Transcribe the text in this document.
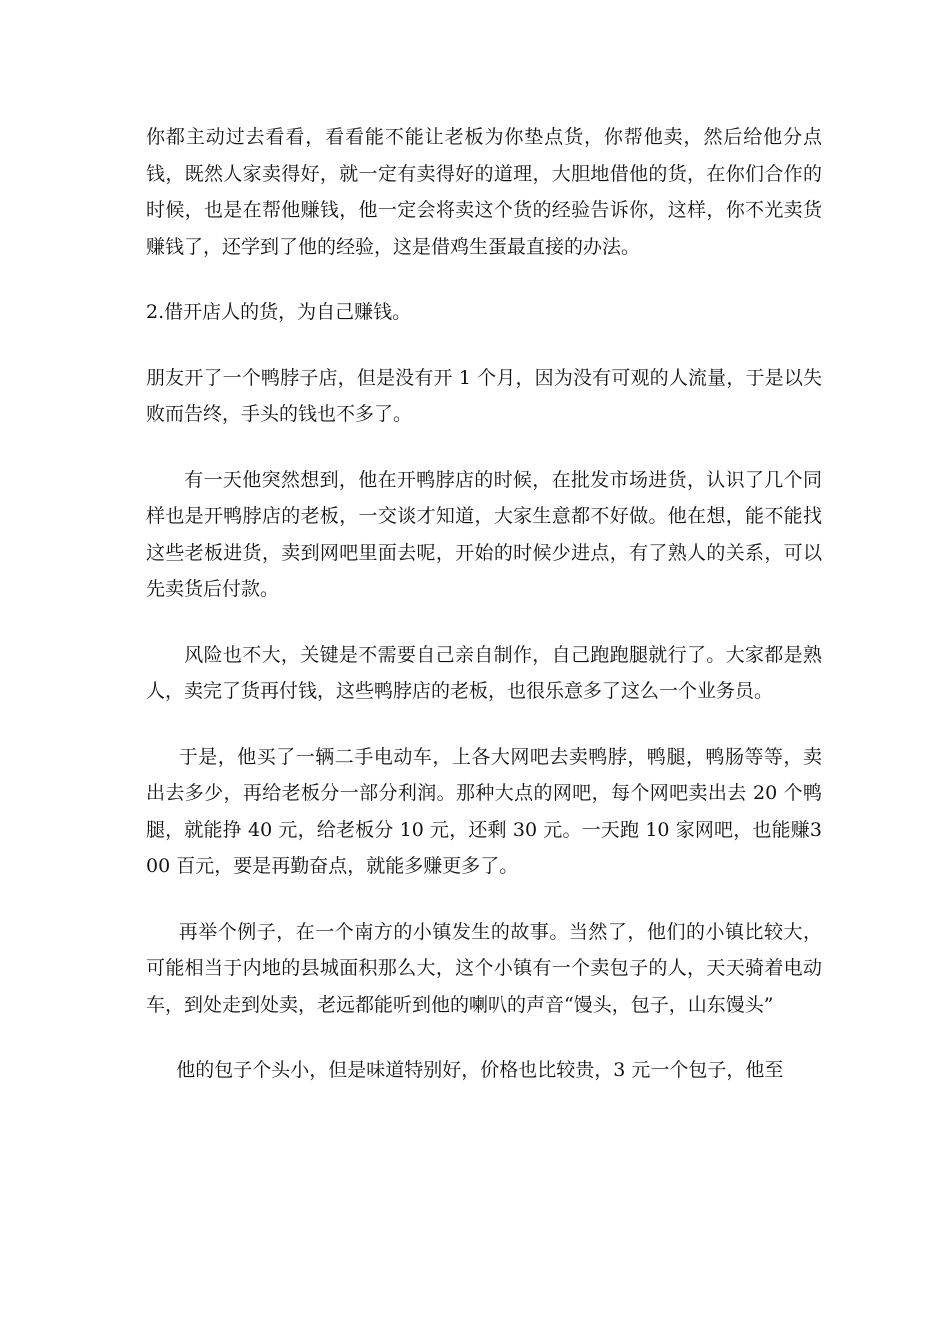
你都主动过去看看，看看能不能让老板为你垫点货，你帮他卖，然后给他分点钱，既然人家卖得好，就一定有卖得好的道理，大胆地借他的货，在你们合作的时候，也是在帮他赚钱，他一定会将卖这个货的经验告诉你，这样，你不光卖货赚钱了，还学到了他的经验，这是借鸡生蛋最直接的办法。

2.借开店人的货，为自己赚钱。

朋友开了一个鸭脖子店，但是没有开 1 个月，因为没有可观的人流量，于是以失败而告终，手头的钱也不多了。

有一天他突然想到，他在开鸭脖店的时候，在批发市场进货，认识了几个同样也是开鸭脖店的老板，一交谈才知道，大家生意都不好做。他在想，能不能找这些老板进货，卖到网吧里面去呢，开始的时候少进点，有了熟人的关系，可以先卖货后付款。

风险也不大，关键是不需要自己亲自制作，自己跑跑腿就行了。大家都是熟人，卖完了货再付钱，这些鸭脖店的老板，也很乐意多了这么一个业务员。

于是，他买了一辆二手电动车，上各大网吧去卖鸭脖，鸭腿，鸭肠等等，卖出去多少，再给老板分一部分利润。那种大点的网吧，每个网吧卖出去 20 个鸭腿，就能挣 40 元，给老板分 10 元，还剩 30 元。一天跑 10 家网吧，也能赚300 百元，要是再勤奋点，就能多赚更多了。

再举个例子，在一个南方的小镇发生的故事。当然了，他们的小镇比较大，可能相当于内地的县城面积那么大，这个小镇有一个卖包子的人，天天骑着电动车，到处走到处卖，老远都能听到他的喇叭的声音“馒头，包子，山东馒头”

他的包子个头小，但是味道特别好，价格也比较贵，3 元一个包子，他至
